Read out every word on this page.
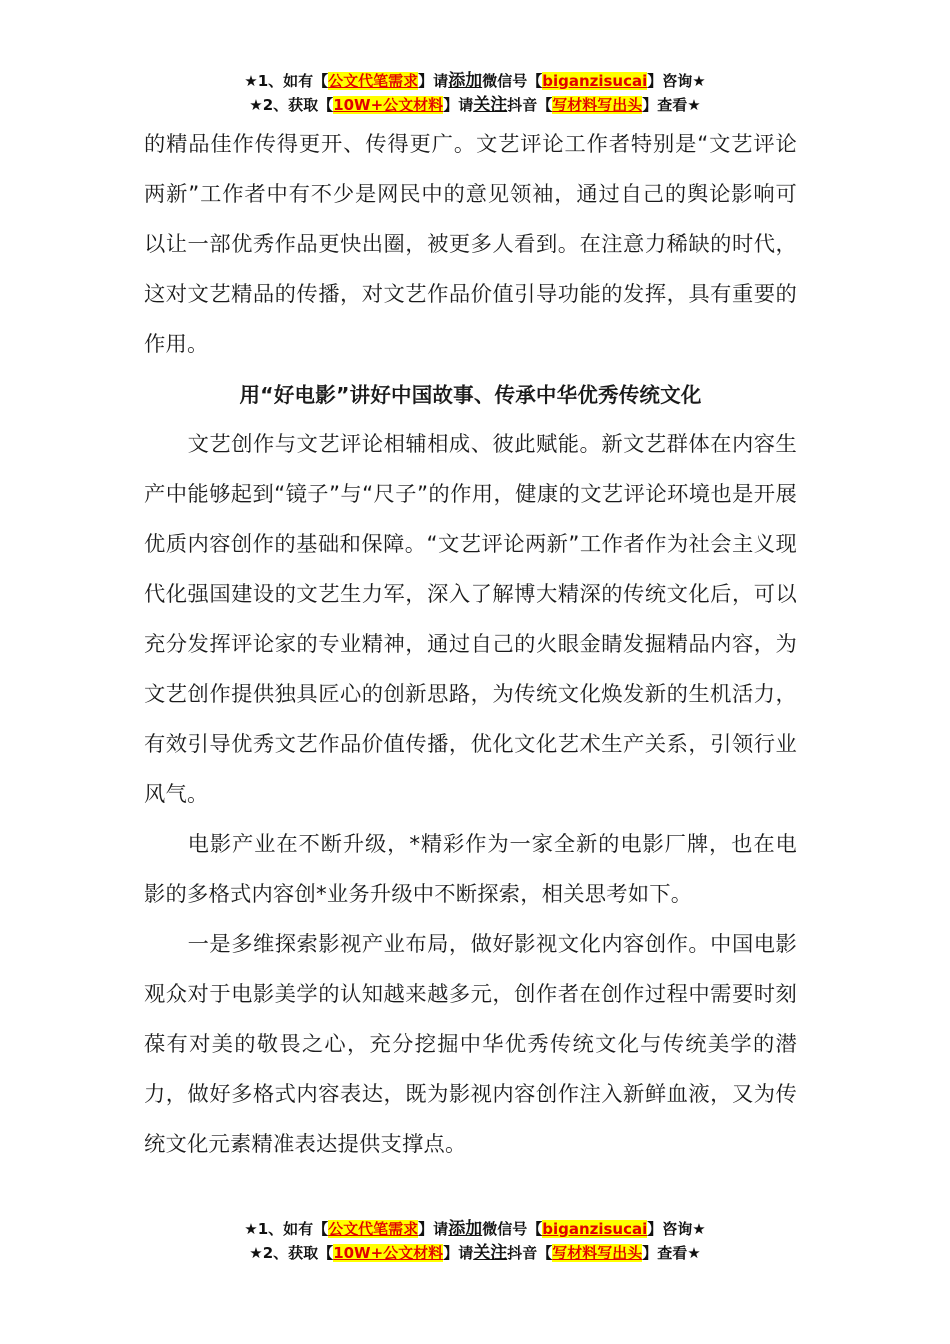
★1、如有【公文代笔需求】请添加微信号【biganzisucai】咨询★
★2、获取【10W+公文材料】请关注抖音【写材料写出头】查看★

的精品佳作传得更开、传得更广。文艺评论工作者特别是“文艺评论两新”工作者中有不少是网民中的意见领袖，通过自己的舆论影响可以让一部优秀作品更快出圈，被更多人看到。在注意力稀缺的时代，这对文艺精品的传播，对文艺作品价值引导功能的发挥，具有重要的作用。

用“好电影”讲好中国故事、传承中华优秀传统文化

文艺创作与文艺评论相辅相成、彼此赋能。新文艺群体在内容生产中能够起到“镜子”与“尺子”的作用，健康的文艺评论环境也是开展优质内容创作的基础和保障。“文艺评论两新”工作者作为社会主义现代化强国建设的文艺生力军，深入了解博大精深的传统文化后，可以充分发挥评论家的专业精神，通过自己的火眼金睛发掘精品内容，为文艺创作提供独具匠心的创新思路，为传统文化焕发新的生机活力，有效引导优秀文艺作品价值传播，优化文化艺术生产关系，引领行业风气。

电影产业在不断升级，*精彩作为一家全新的电影厂牌，也在电影的多格式内容创*业务升级中不断探索，相关思考如下。

一是多维探索影视产业布局，做好影视文化内容创作。中国电影观众对于电影美学的认知越来越多元，创作者在创作过程中需要时刻葆有对美的敬畏之心，充分挖掘中华优秀传统文化与传统美学的潜力，做好多格式内容表达，既为影视内容创作注入新鲜血液，又为传统文化元素精准表达提供支撑点。

★1、如有【公文代笔需求】请添加微信号【biganzisucai】咨询★
★2、获取【10W+公文材料】请关注抖音【写材料写出头】查看★
